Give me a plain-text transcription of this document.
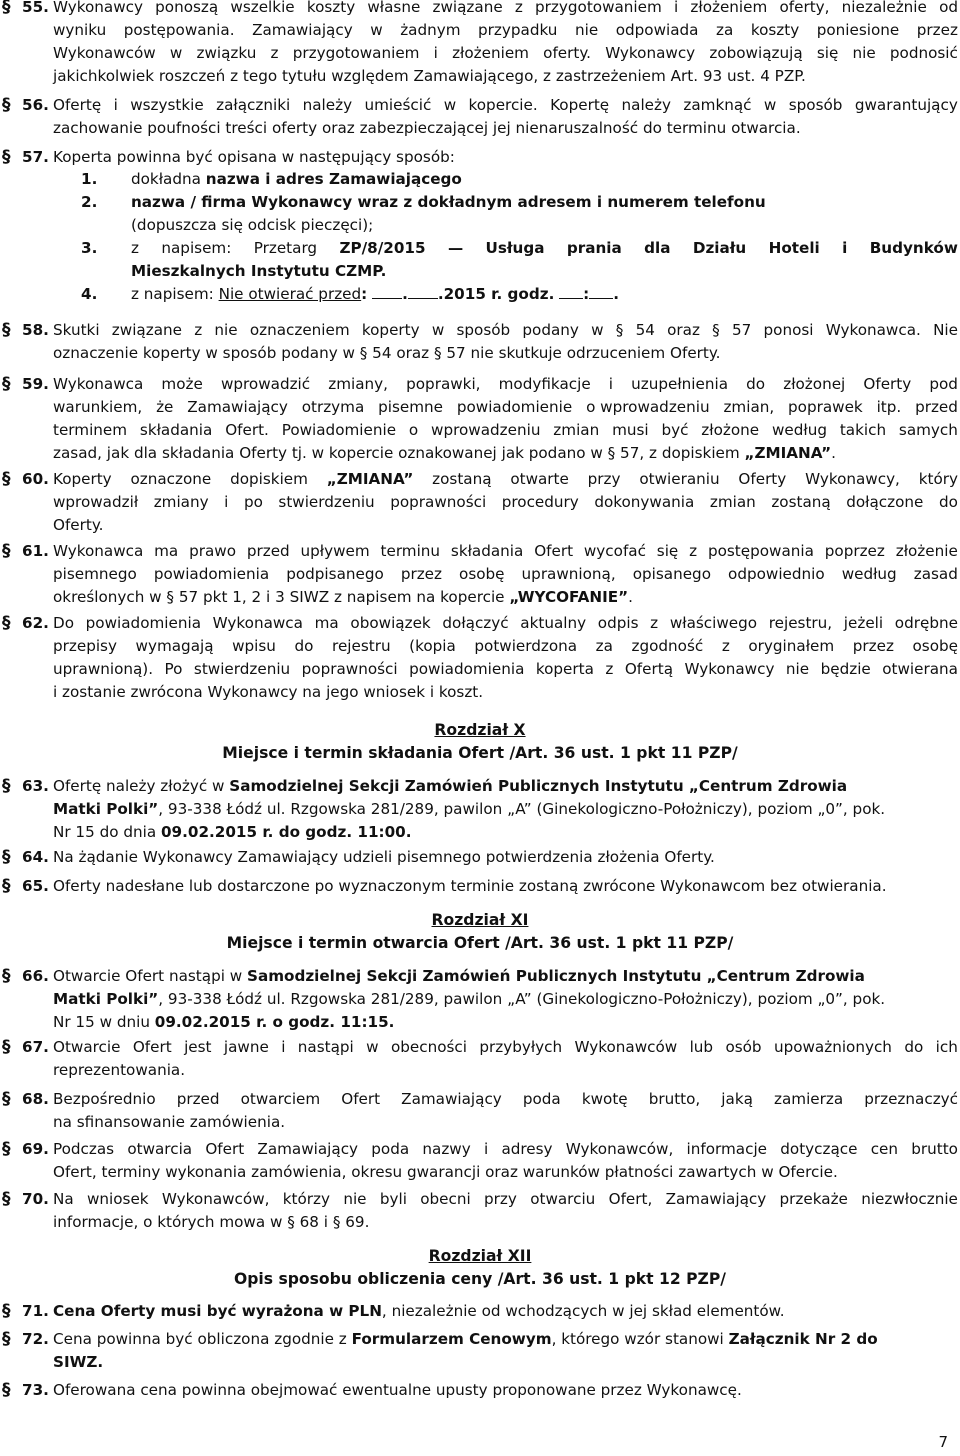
§ 55. Wykonawcy ponoszą wszelkie koszty własne związane z przygotowaniem i złożeniem oferty, niezależnie od
wyniku postępowania. Zamawiający w żadnym przypadku nie odpowiada za koszty poniesione przez
Wykonawców w związku z przygotowaniem i złożeniem oferty. Wykonawcy zobowiązują się nie podnosić
jakichkolwiek roszczeń z tego tytułu względem Zamawiającego, z zastrzeżeniem Art. 93 ust. 4 PZP.
§ 56. Ofertę i wszystkie załączniki należy umieścić w kopercie. Kopertę należy zamknąć w sposób gwarantujący
zachowanie poufności treści oferty oraz zabezpieczającej jej nienaruszalność do terminu otwarcia.
§ 57. Koperta powinna być opisana w następujący sposób:
1. dokładna nazwa i adres Zamawiającego
2. nazwa / firma Wykonawcy wraz z dokładnym adresem i numerem telefonu
(dopuszcza się odcisk pieczęci);
3. z napisem: Przetarg ZP/8/2015 — Usługa prania dla Działu Hoteli i Budynków
Mieszkalnych Instytutu CZMP.
4. z napisem: Nie otwierać przed: . .2015 r. godz. : .
§ 58. Skutki związane z nie oznaczeniem koperty w sposób podany w § 54 oraz § 57 ponosi Wykonawca. Nie
oznaczenie koperty w sposób podany w § 54 oraz § 57 nie skutkuje odrzuceniem Oferty.
§ 59. Wykonawca może wprowadzić zmiany, poprawki, modyfikacje i uzupełnienia do złożonej Oferty pod
warunkiem, że Zamawiający otrzyma pisemne powiadomienie o wprowadzeniu zmian, poprawek itp. przed
terminem składania Ofert. Powiadomienie o wprowadzeniu zmian musi być złożone według takich samych
zasad, jak dla składania Oferty tj. w kopercie oznakowanej jak podano w § 57, z dopiskiem „ZMIANA”.
§ 60. Koperty oznaczone dopiskiem „ZMIANA” zostaną otwarte przy otwieraniu Oferty Wykonawcy, który
wprowadził zmiany i po stwierdzeniu poprawności procedury dokonywania zmian zostaną dołączone do
Oferty.
§ 61. Wykonawca ma prawo przed upływem terminu składania Ofert wycofać się z postępowania poprzez złożenie
pisemnego powiadomienia podpisanego przez osobę uprawnioną, opisanego odpowiednio według zasad
określonych w § 57 pkt 1, 2 i 3 SIWZ z napisem na kopercie „WYCOFANIE”.
§ 62. Do powiadomienia Wykonawca ma obowiązek dołączyć aktualny odpis z właściwego rejestru, jeżeli odrębne
przepisy wymagają wpisu do rejestru (kopia potwierdzona za zgodność z oryginałem przez osobę
uprawnioną). Po stwierdzeniu poprawności powiadomienia koperta z Ofertą Wykonawcy nie będzie otwierana
i zostanie zwrócona Wykonawcy na jego wniosek i koszt.
Rozdział X
Miejsce i termin składania Ofert /Art. 36 ust. 1 pkt 11 PZP/
§ 63. Ofertę należy złożyć w Samodzielnej Sekcji Zamówień Publicznych Instytutu „Centrum Zdrowia
Matki Polki”, 93-338 Łódź ul. Rzgowska 281/289, pawilon „A” (Ginekologiczno-Położniczy), poziom „0”, pok.
Nr 15 do dnia 09.02.2015 r. do godz. 11:00.
§ 64. Na żądanie Wykonawcy Zamawiający udzieli pisemnego potwierdzenia złożenia Oferty.
§ 65. Oferty nadesłane lub dostarczone po wyznaczonym terminie zostaną zwrócone Wykonawcom bez otwierania.
Rozdział XI
Miejsce i termin otwarcia Ofert /Art. 36 ust. 1 pkt 11 PZP/
§ 66. Otwarcie Ofert nastąpi w Samodzielnej Sekcji Zamówień Publicznych Instytutu „Centrum Zdrowia
Matki Polki”, 93-338 Łódź ul. Rzgowska 281/289, pawilon „A” (Ginekologiczno-Położniczy), poziom „0”, pok.
Nr 15 w dniu 09.02.2015 r. o godz. 11:15.
§ 67. Otwarcie Ofert jest jawne i nastąpi w obecności przybyłych Wykonawców lub osób upoważnionych do ich
reprezentowania.
§ 68. Bezpośrednio przed otwarciem Ofert Zamawiający poda kwotę brutto, jaką zamierza przeznaczyć
na sfinansowanie zamówienia.
§ 69. Podczas otwarcia Ofert Zamawiający poda nazwy i adresy Wykonawców, informacje dotyczące cen brutto
Ofert, terminy wykonania zamówienia, okresu gwarancji oraz warunków płatności zawartych w Ofercie.
§ 70. Na wniosek Wykonawców, którzy nie byli obecni przy otwarciu Ofert, Zamawiający przekaże niezwłocznie
informacje, o których mowa w § 68 i § 69.
Rozdział XII
Opis sposobu obliczenia ceny /Art. 36 ust. 1 pkt 12 PZP/
§ 71. Cena Oferty musi być wyrażona w PLN, niezależnie od wchodzących w jej skład elementów.
§ 72. Cena powinna być obliczona zgodnie z Formularzem Cenowym, którego wzór stanowi Załącznik Nr 2 do
SIWZ.
§ 73. Oferowana cena powinna obejmować ewentualne upusty proponowane przez Wykonawcę.
7
